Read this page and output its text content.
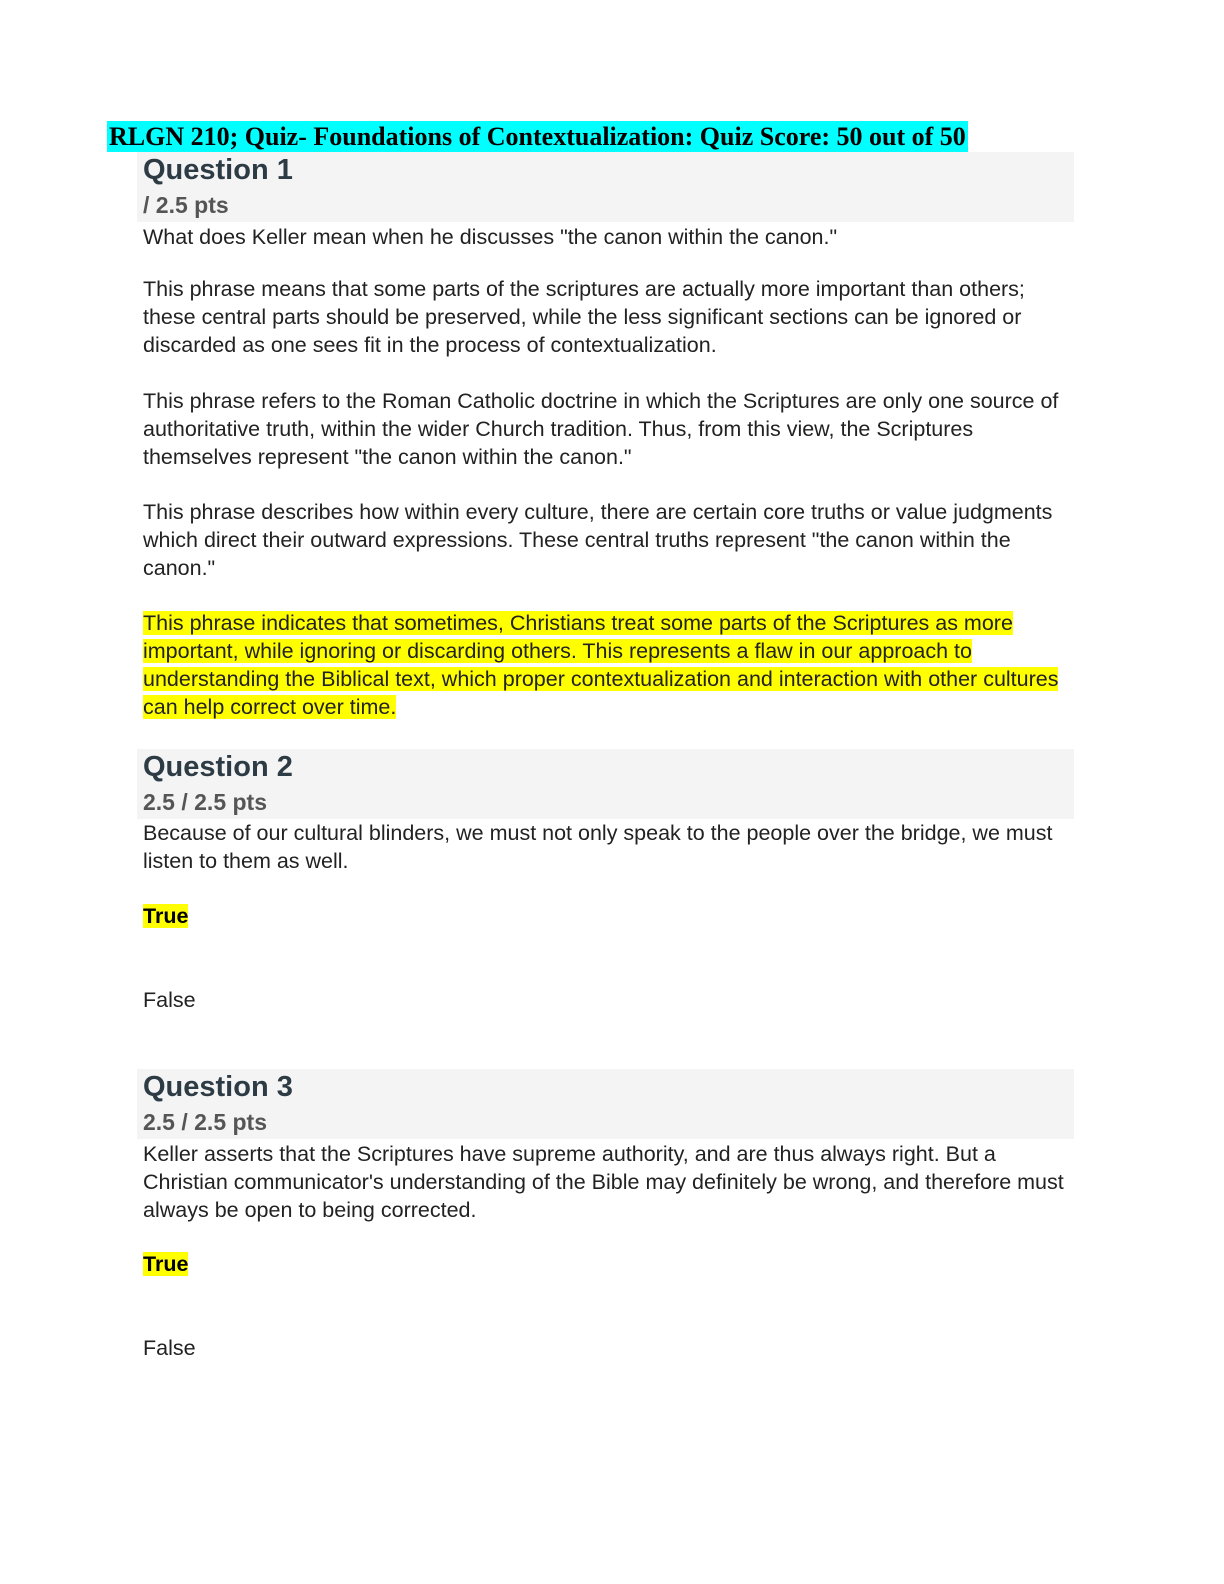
RLGN 210; Quiz- Foundations of Contextualization: Quiz Score: 50 out of 50
Question 1
/ 2.5 pts

What does Keller mean when he discusses "the canon within the canon."

This phrase means that some parts of the scriptures are actually more important than others; these central parts should be preserved, while the less significant sections can be ignored or discarded as one sees fit in the process of contextualization.

This phrase refers to the Roman Catholic doctrine in which the Scriptures are only one source of authoritative truth, within the wider Church tradition. Thus, from this view, the Scriptures themselves represent "the canon within the canon."

This phrase describes how within every culture, there are certain core truths or value judgments which direct their outward expressions. These central truths represent "the canon within the canon."

This phrase indicates that sometimes, Christians treat some parts of the Scriptures as more important, while ignoring or discarding others. This represents a flaw in our approach to understanding the Biblical text, which proper contextualization and interaction with other cultures can help correct over time.

Question 2
2.5 / 2.5 pts

Because of our cultural blinders, we must not only speak to the people over the bridge, we must listen to them as well.

True

False

Question 3
2.5 / 2.5 pts

Keller asserts that the Scriptures have supreme authority, and are thus always right. But a Christian communicator's understanding of the Bible may definitely be wrong, and therefore must always be open to being corrected.

True

False
